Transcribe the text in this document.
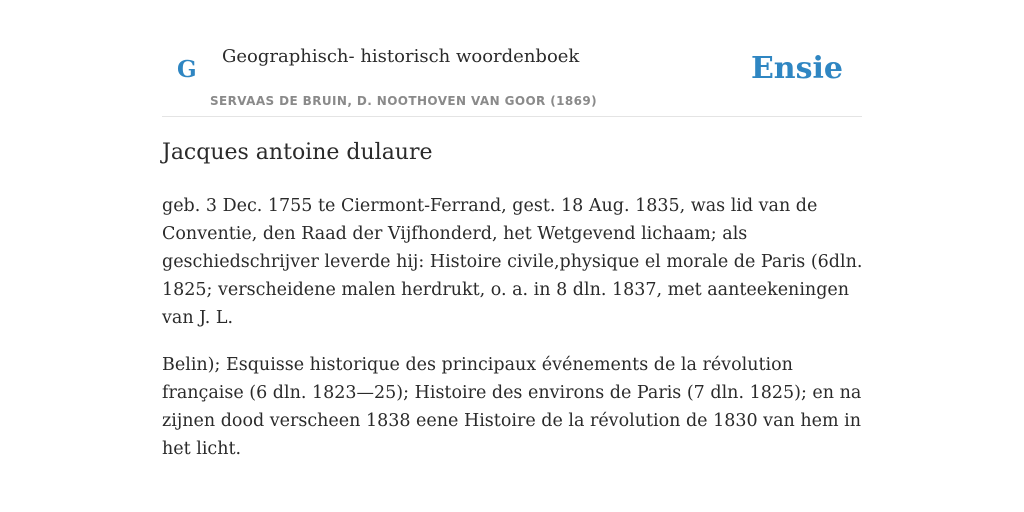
G Geographisch- historisch woordenboek
SERVAAS DE BRUIN, D. NOOTHOVEN VAN GOOR (1869)
Ensie
Jacques antoine dulaure

geb. 3 Dec. 1755 te Ciermont-Ferrand, gest. 18 Aug. 1835, was lid van de Conventie, den Raad der Vijfhonderd, het Wetgevend lichaam; als geschiedschrijver leverde hij: Histoire civile,physique el morale de Paris (6dln. 1825; verscheidene malen herdrukt, o. a. in 8 dln. 1837, met aanteekeningen van J. L.

Belin); Esquisse historique des principaux événements de la révolution française (6 dln. 1823—25); Histoire des environs de Paris (7 dln. 1825); en na zijnen dood verscheen 1838 eene Histoire de la révolution de 1830 van hem in het licht.
